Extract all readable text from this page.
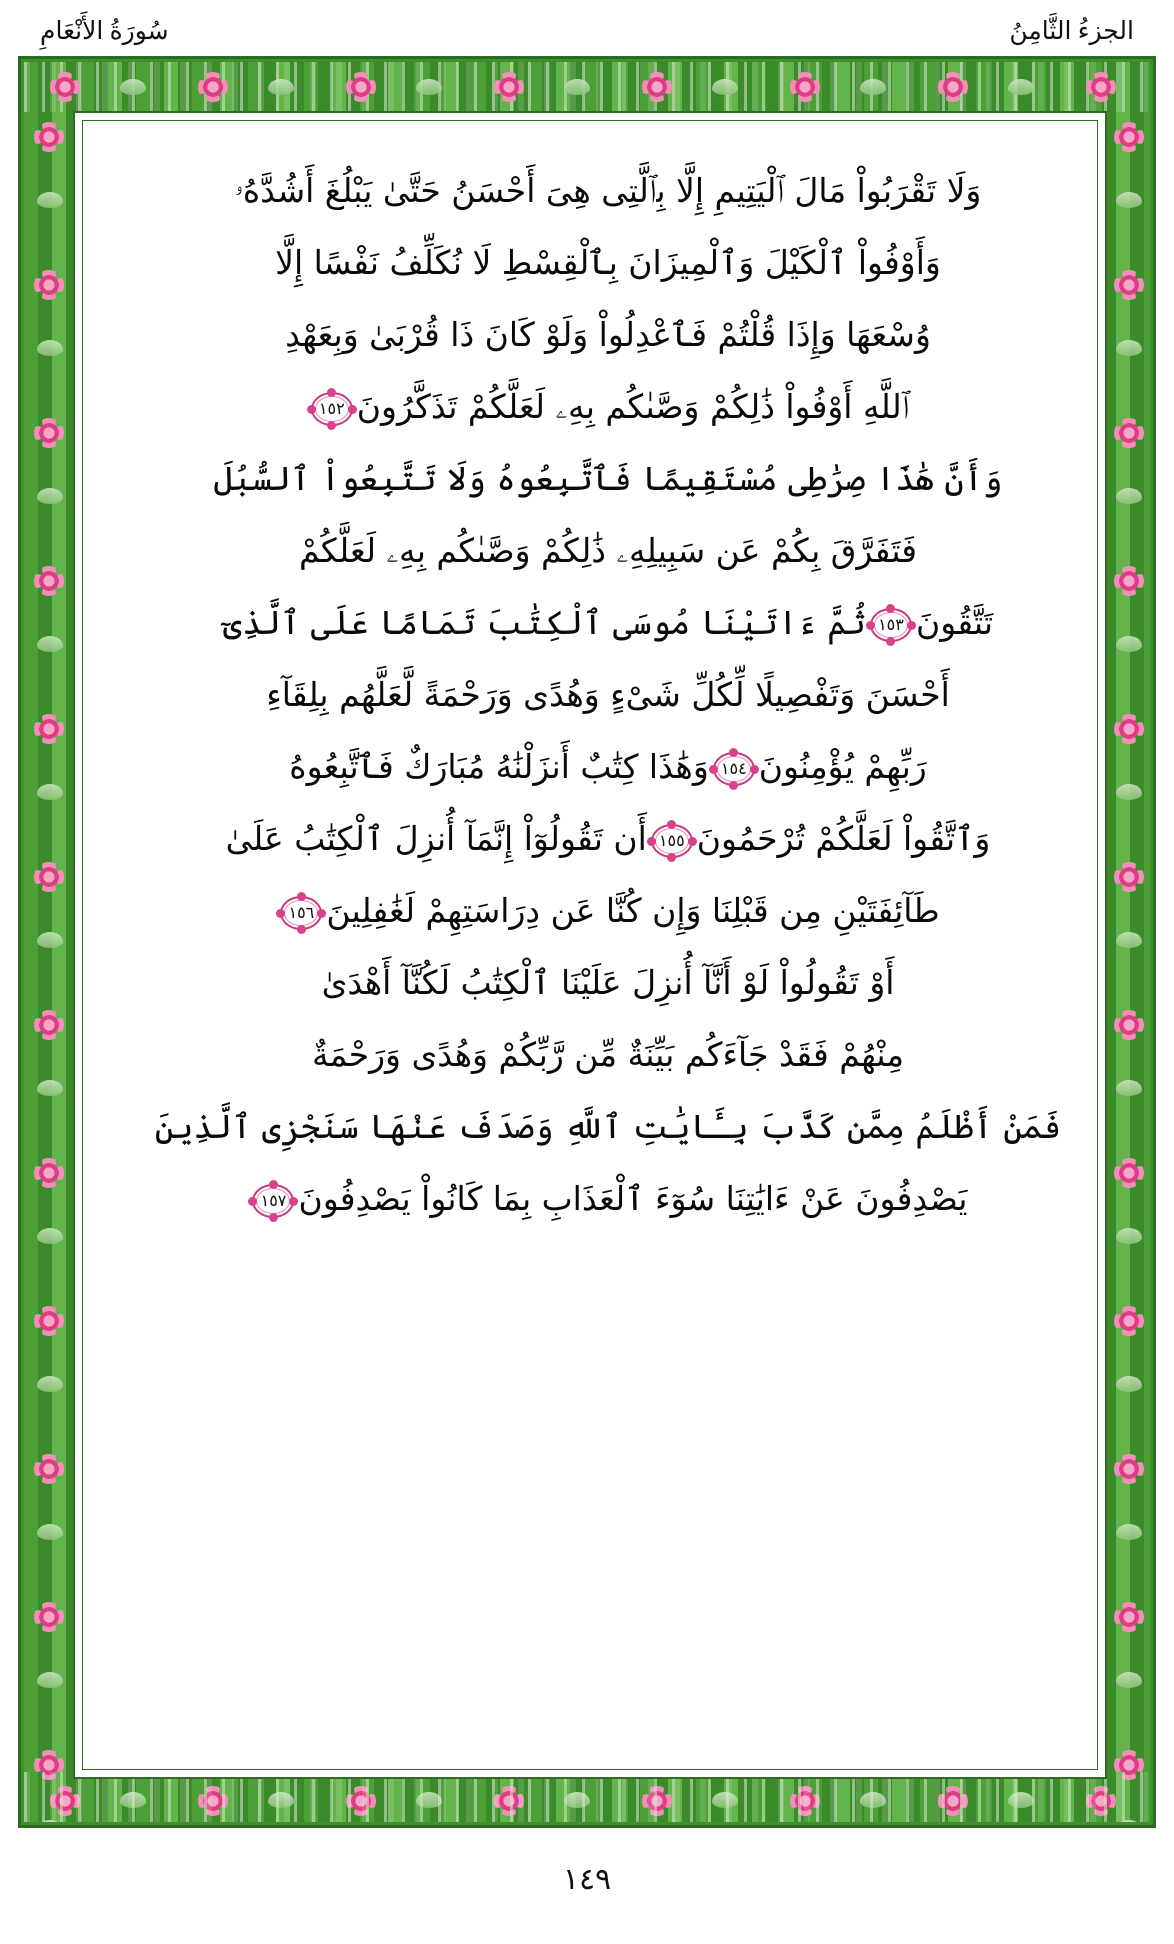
الجزءُ الثَّامِنُ
سُورَةُ الأَنْعَامِ
وَلَا تَقْرَبُواْ مَالَ ٱلْيَتِيمِ إِلَّا بِٱلَّتِى هِىَ أَحْسَنُ حَتَّىٰ يَبْلُغَ أَشُدَّهُۥ
وَأَوْفُواْ ٱلْكَيْلَ وَٱلْمِيزَانَ بِٱلْقِسْطِ لَا نُكَلِّفُ نَفْسًا إِلَّا
وُسْعَهَا وَإِذَا قُلْتُمْ فَٱعْدِلُواْ وَلَوْ كَانَ ذَا قُرْبَىٰ وَبِعَهْدِ
ٱللَّهِ أَوْفُواْ ذَٰلِكُمْ وَصَّىٰكُم بِهِۦ لَعَلَّكُمْ تَذَكَّرُونَ
١٥٢
وَأَنَّ هَٰذَا صِرَٰطِى مُسْتَقِيمًا فَٱتَّبِعُوهُ وَلَا تَتَّبِعُواْ ٱلسُّبُلَ
فَتَفَرَّقَ بِكُمْ عَن سَبِيلِهِۦ ذَٰلِكُمْ وَصَّىٰكُم بِهِۦ لَعَلَّكُمْ
تَتَّقُونَ
١٥٣
ثُمَّ ءَاتَيْنَا مُوسَى ٱلْكِتَٰبَ تَمَامًا عَلَى ٱلَّذِىٓ
أَحْسَنَ وَتَفْصِيلًا لِّكُلِّ شَىْءٍ وَهُدًى وَرَحْمَةً لَّعَلَّهُم بِلِقَآءِ
رَبِّهِمْ يُؤْمِنُونَ
١٥٤
وَهَٰذَا كِتَٰبٌ أَنزَلْنَٰهُ مُبَارَكٌ فَٱتَّبِعُوهُ
وَٱتَّقُواْ لَعَلَّكُمْ تُرْحَمُونَ
١٥٥
أَن تَقُولُوٓاْ إِنَّمَآ أُنزِلَ ٱلْكِتَٰبُ عَلَىٰ
طَآئِفَتَيْنِ مِن قَبْلِنَا وَإِن كُنَّا عَن دِرَاسَتِهِمْ لَغَٰفِلِينَ
١٥٦
أَوْ تَقُولُواْ لَوْ أَنَّآ أُنزِلَ عَلَيْنَا ٱلْكِتَٰبُ لَكُنَّآ أَهْدَىٰ
مِنْهُمْ فَقَدْ جَآءَكُم بَيِّنَةٌ مِّن رَّبِّكُمْ وَهُدًى وَرَحْمَةٌ
فَمَنْ أَظْلَمُ مِمَّن كَذَّبَ بِـَٔايَٰتِ ٱللَّهِ وَصَدَفَ عَنْهَا سَنَجْزِى ٱلَّذِينَ
يَصْدِفُونَ عَنْ ءَايَٰتِنَا سُوٓءَ ٱلْعَذَابِ بِمَا كَانُواْ يَصْدِفُونَ
١٥٧
١٤٩
